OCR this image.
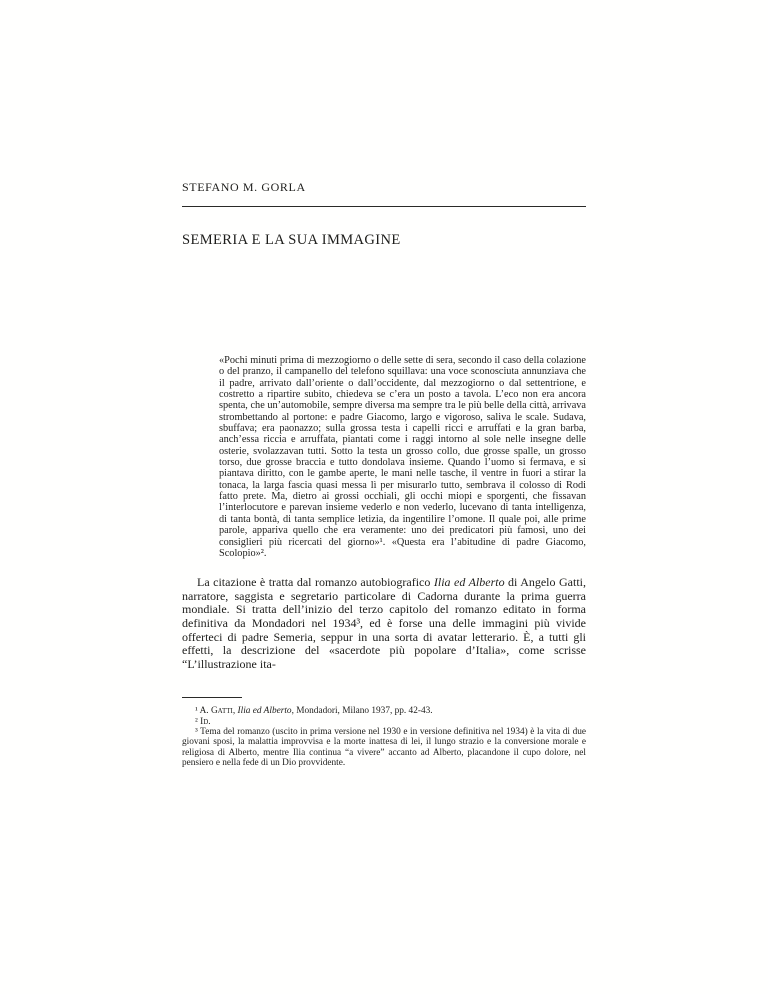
STEFANO M. GORLA
SEMERIA E LA SUA IMMAGINE
«Pochi minuti prima di mezzogiorno o delle sette di sera, secondo il caso della colazione o del pranzo, il campanello del telefono squillava: una voce sconosciuta annunziava che il padre, arrivato dall’oriente o dall’occidente, dal mezzogiorno o dal settentrione, e costretto a ripartire subito, chiedeva se c’era un posto a tavola. L’eco non era ancora spenta, che un’automobile, sempre diversa ma sempre tra le più belle della città, arrivava strombettando al portone: e padre Giacomo, largo e vigoroso, saliva le scale. Sudava, sbuffava; era paonazzo; sulla grossa testa i capelli ricci e arruffati e la gran barba, anch’essa riccia e arruffata, piantati come i raggi intorno al sole nelle insegne delle osterie, svolazzavan tutti. Sotto la testa un grosso collo, due grosse spalle, un grosso torso, due grosse braccia e tutto dondolava insieme. Quando l’uomo si fermava, e si piantava diritto, con le gambe aperte, le mani nelle tasche, il ventre in fuori a stirar la tonaca, la larga fascia quasi messa lì per misurarlo tutto, sembrava il colosso di Rodi fatto prete. Ma, dietro ai grossi occhiali, gli occhi miopi e sporgenti, che fissavan l’interlocutore e parevan insieme vederlo e non vederlo, lucevano di tanta intelligenza, di tanta bontà, di tanta semplice letizia, da ingentilire l’omone. Il quale poi, alle prime parole, appariva quello che era veramente: uno dei predicatori più famosi, uno dei consiglieri più ricercati del giorno»¹. «Questa era l’abitudine di padre Giacomo, Scolopio»².

La citazione è tratta dal romanzo autobiografico Ilia ed Alberto di Angelo Gatti, narratore, saggista e segretario particolare di Cadorna durante la prima guerra mondiale. Si tratta dell’inizio del terzo capitolo del romanzo editato in forma definitiva da Mondadori nel 1934³, ed è forse una delle immagini più vivide offerteci di padre Semeria, seppur in una sorta di avatar letterario. È, a tutti gli effetti, la descrizione del «sacerdote più popolare d’Italia», come scrisse “L’illustrazione ita-

¹ A. Gatti, Ilia ed Alberto, Mondadori, Milano 1937, pp. 42-43.

² Id.

³ Tema del romanzo (uscito in prima versione nel 1930 e in versione definitiva nel 1934) è la vita di due giovani sposi, la malattia improvvisa e la morte inattesa di lei, il lungo strazio e la conversione morale e religiosa di Alberto, mentre Ilia continua “a vivere” accanto ad Alberto, placandone il cupo dolore, nel pensiero e nella fede di un Dio provvidente.
